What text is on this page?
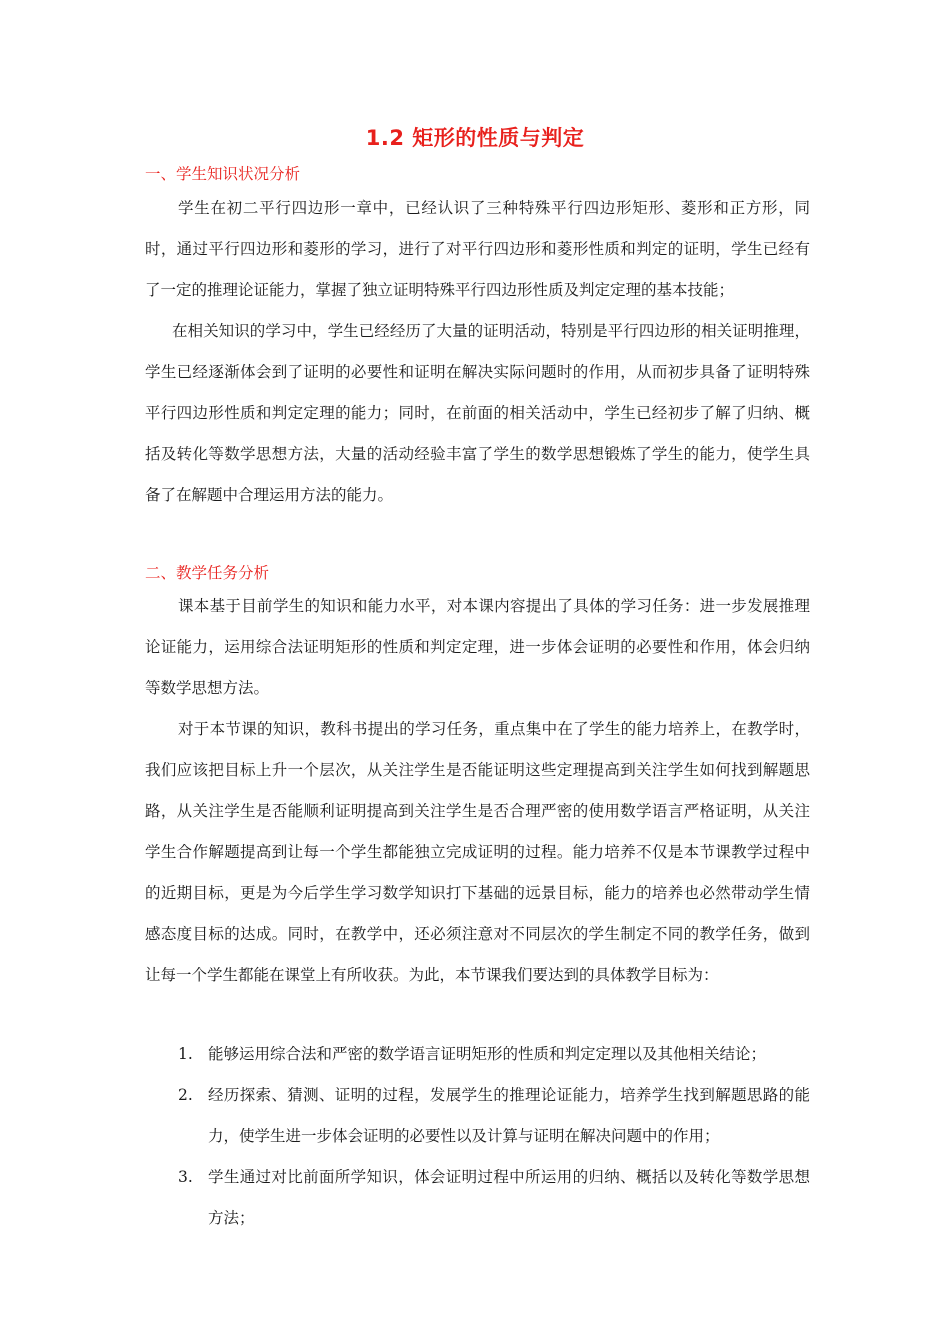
1.2 矩形的性质与判定
一、学生知识状况分析

学生在初二平行四边形一章中，已经认识了三种特殊平行四边形矩形、菱形和正方形，同时，通过平行四边形和菱形的学习，进行了对平行四边形和菱形性质和判定的证明，学生已经有了一定的推理论证能力，掌握了独立证明特殊平行四边形性质及判定定理的基本技能；

在相关知识的学习中，学生已经经历了大量的证明活动，特别是平行四边形的相关证明推理，学生已经逐渐体会到了证明的必要性和证明在解决实际问题时的作用，从而初步具备了证明特殊平行四边形性质和判定定理的能力；同时，在前面的相关活动中，学生已经初步了解了归纳、概括及转化等数学思想方法，大量的活动经验丰富了学生的数学思想锻炼了学生的能力，使学生具备了在解题中合理运用方法的能力。

二、教学任务分析

课本基于目前学生的知识和能力水平，对本课内容提出了具体的学习任务：进一步发展推理论证能力，运用综合法证明矩形的性质和判定定理，进一步体会证明的必要性和作用，体会归纳等数学思想方法。

对于本节课的知识，教科书提出的学习任务，重点集中在了学生的能力培养上，在教学时，我们应该把目标上升一个层次，从关注学生是否能证明这些定理提高到关注学生如何找到解题思路，从关注学生是否能顺利证明提高到关注学生是否合理严密的使用数学语言严格证明，从关注学生合作解题提高到让每一个学生都能独立完成证明的过程。能力培养不仅是本节课教学过程中的近期目标，更是为今后学生学习数学知识打下基础的远景目标，能力的培养也必然带动学生情感态度目标的达成。同时，在教学中，还必须注意对不同层次的学生制定不同的教学任务，做到让每一个学生都能在课堂上有所收获。为此，本节课我们要达到的具体教学目标为：

1. 能够运用综合法和严密的数学语言证明矩形的性质和判定定理以及其他相关结论；
2. 经历探索、猜测、证明的过程，发展学生的推理论证能力，培养学生找到解题思路的能力，使学生进一步体会证明的必要性以及计算与证明在解决问题中的作用；
3. 学生通过对比前面所学知识，体会证明过程中所运用的归纳、概括以及转化等数学思想方法；
